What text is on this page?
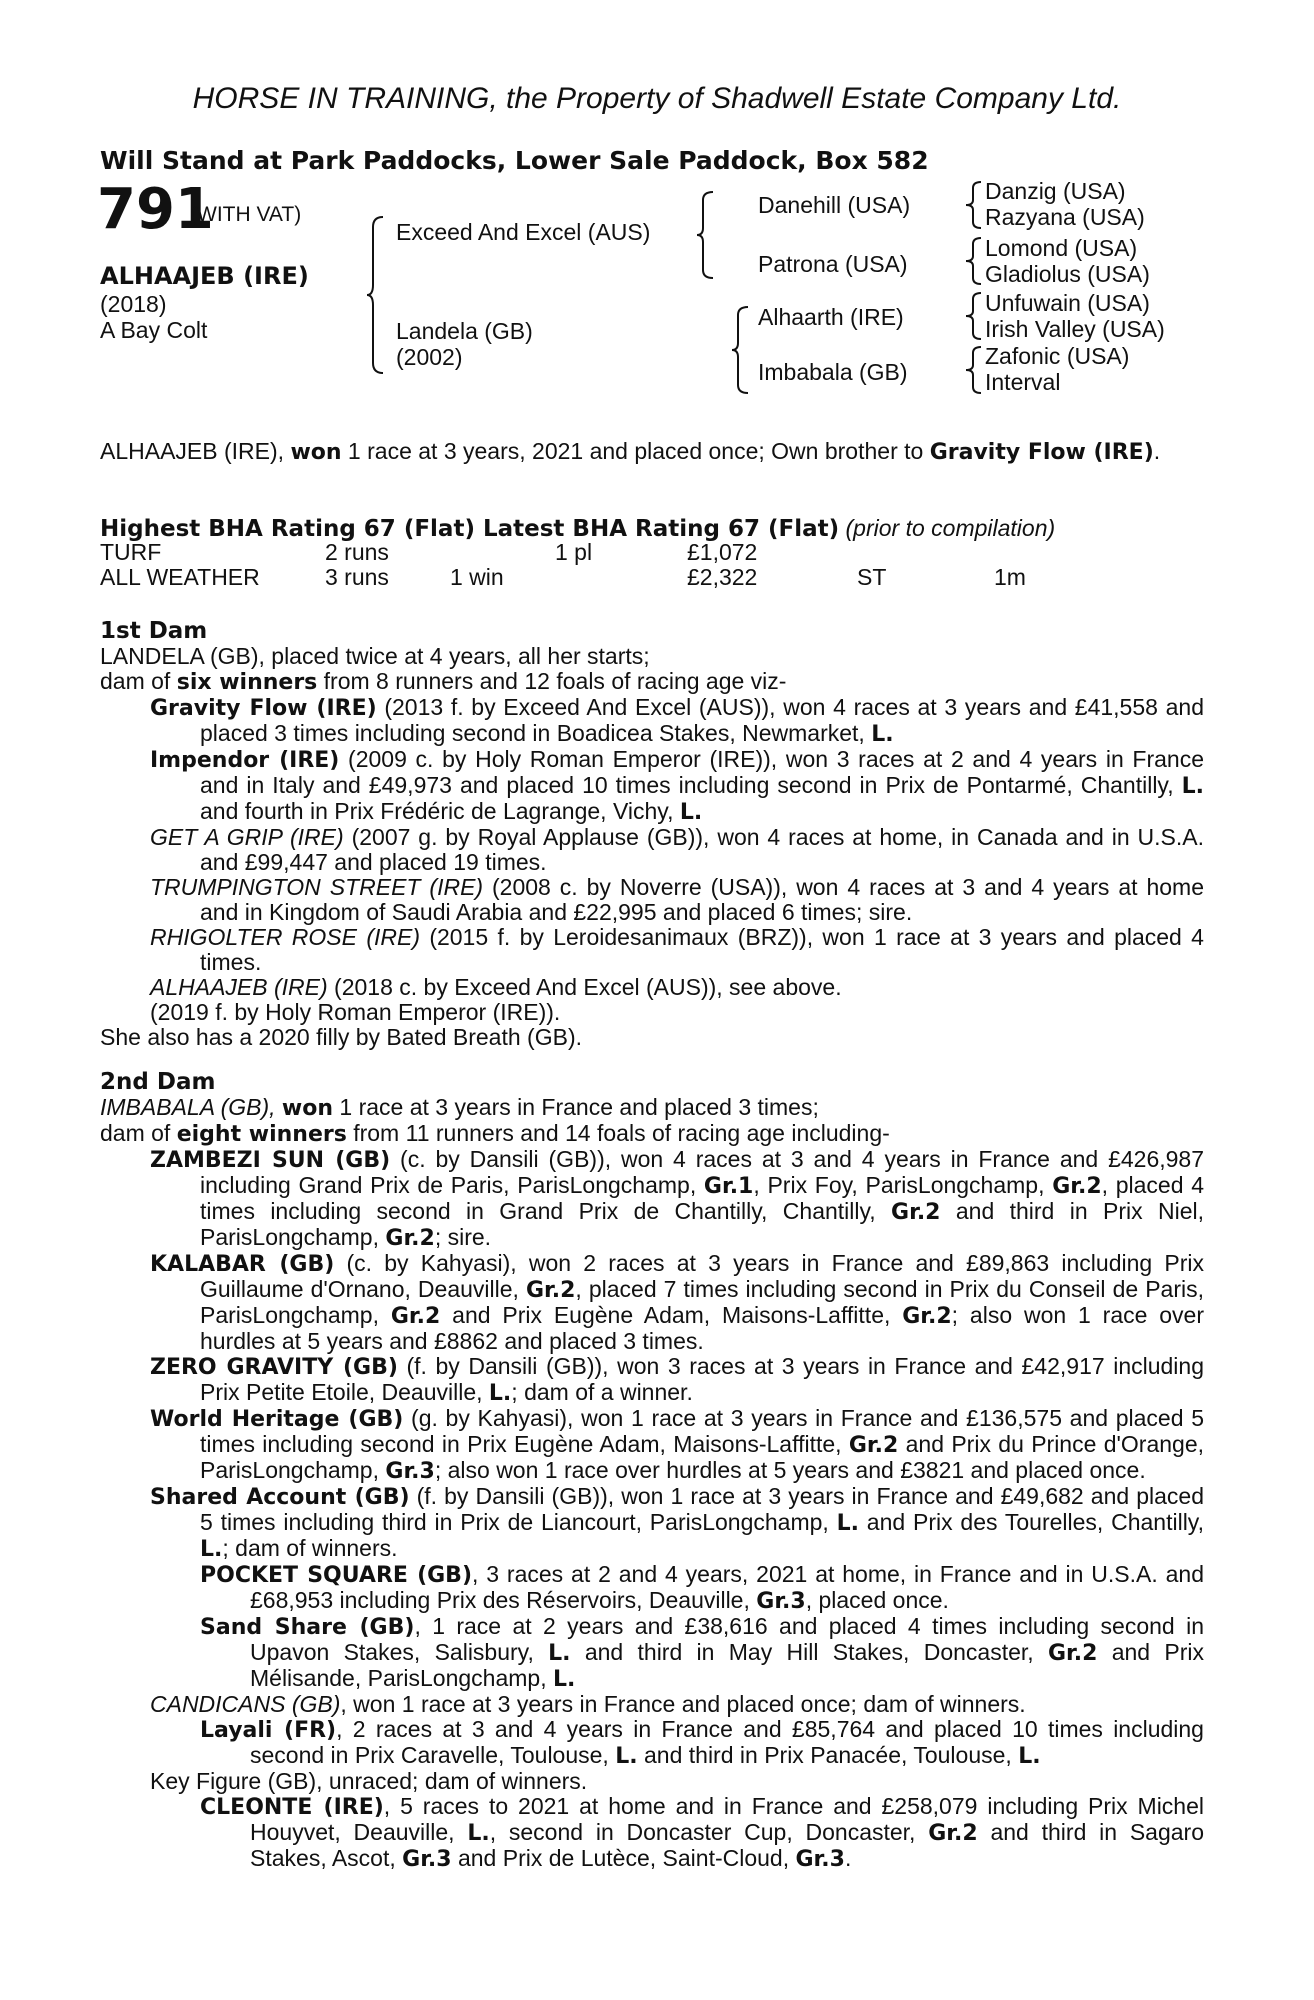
HORSE IN TRAINING, the Property of Shadwell Estate Company Ltd.
Will Stand at Park Paddocks, Lower Sale Paddock, Box 582
791
(WITH VAT)
ALHAAJEB (IRE)
(2018)
A Bay Colt
Exceed And Excel (AUS)
Landela (GB)
(2002)
Danehill (USA)
Patrona (USA)
Alhaarth (IRE)
Imbabala (GB)
Danzig (USA)
Razyana (USA)
Lomond (USA)
Gladiolus (USA)
Unfuwain (USA)
Irish Valley (USA)
Zafonic (USA)
Interval

ALHAAJEB (IRE), won 1 race at 3 years, 2021 and placed once; Own brother to Gravity Flow (IRE).

Highest BHA Rating 67 (Flat) Latest BHA Rating 67 (Flat) (prior to compilation)
TURF	2 runs		1 pl	£1,072		
ALL WEATHER	3 runs	1 win		£2,322	ST	1m

1st Dam

LANDELA (GB), placed twice at 4 years, all her starts;

dam of six winners from 8 runners and 12 foals of racing age viz-

Gravity Flow (IRE) (2013 f. by Exceed And Excel (AUS)), won 4 races at 3 years and £41,558 and placed 3 times including second in Boadicea Stakes, Newmarket, L.

Impendor (IRE) (2009 c. by Holy Roman Emperor (IRE)), won 3 races at 2 and 4 years in France and in Italy and £49,973 and placed 10 times including second in Prix de Pontarmé, Chantilly, L. and fourth in Prix Frédéric de Lagrange, Vichy, L.

GET A GRIP (IRE) (2007 g. by Royal Applause (GB)), won 4 races at home, in Canada and in U.S.A. and £99,447 and placed 19 times.

TRUMPINGTON STREET (IRE) (2008 c. by Noverre (USA)), won 4 races at 3 and 4 years at home and in Kingdom of Saudi Arabia and £22,995 and placed 6 times; sire.

RHIGOLTER ROSE (IRE) (2015 f. by Leroidesanimaux (BRZ)), won 1 race at 3 years and placed 4 times.

ALHAAJEB (IRE) (2018 c. by Exceed And Excel (AUS)), see above.

(2019 f. by Holy Roman Emperor (IRE)).

She also has a 2020 filly by Bated Breath (GB).

2nd Dam

IMBABALA (GB), won 1 race at 3 years in France and placed 3 times;

dam of eight winners from 11 runners and 14 foals of racing age including-

ZAMBEZI SUN (GB) (c. by Dansili (GB)), won 4 races at 3 and 4 years in France and £426,987 including Grand Prix de Paris, ParisLongchamp, Gr.1, Prix Foy, ParisLongchamp, Gr.2, placed 4 times including second in Grand Prix de Chantilly, Chantilly, Gr.2 and third in Prix Niel, ParisLongchamp, Gr.2; sire.

KALABAR (GB) (c. by Kahyasi), won 2 races at 3 years in France and £89,863 including Prix Guillaume d'Ornano, Deauville, Gr.2, placed 7 times including second in Prix du Conseil de Paris, ParisLongchamp, Gr.2 and Prix Eugène Adam, Maisons-Laffitte, Gr.2; also won 1 race over hurdles at 5 years and £8862 and placed 3 times.

ZERO GRAVITY (GB) (f. by Dansili (GB)), won 3 races at 3 years in France and £42,917 including Prix Petite Etoile, Deauville, L.; dam of a winner.

World Heritage (GB) (g. by Kahyasi), won 1 race at 3 years in France and £136,575 and placed 5 times including second in Prix Eugène Adam, Maisons-Laffitte, Gr.2 and Prix du Prince d'Orange, ParisLongchamp, Gr.3; also won 1 race over hurdles at 5 years and £3821 and placed once.

Shared Account (GB) (f. by Dansili (GB)), won 1 race at 3 years in France and £49,682 and placed 5 times including third in Prix de Liancourt, ParisLongchamp, L. and Prix des Tourelles, Chantilly, L.; dam of winners.

POCKET SQUARE (GB), 3 races at 2 and 4 years, 2021 at home, in France and in U.S.A. and £68,953 including Prix des Réservoirs, Deauville, Gr.3, placed once.

Sand Share (GB), 1 race at 2 years and £38,616 and placed 4 times including second in Upavon Stakes, Salisbury, L. and third in May Hill Stakes, Doncaster, Gr.2 and Prix Mélisande, ParisLongchamp, L.

CANDICANS (GB), won 1 race at 3 years in France and placed once; dam of winners.

Layali (FR), 2 races at 3 and 4 years in France and £85,764 and placed 10 times including second in Prix Caravelle, Toulouse, L. and third in Prix Panacée, Toulouse, L.

Key Figure (GB), unraced; dam of winners.

CLEONTE (IRE), 5 races to 2021 at home and in France and £258,079 including Prix Michel Houyvet, Deauville, L., second in Doncaster Cup, Doncaster, Gr.2 and third in Sagaro Stakes, Ascot, Gr.3 and Prix de Lutèce, Saint-Cloud, Gr.3.
